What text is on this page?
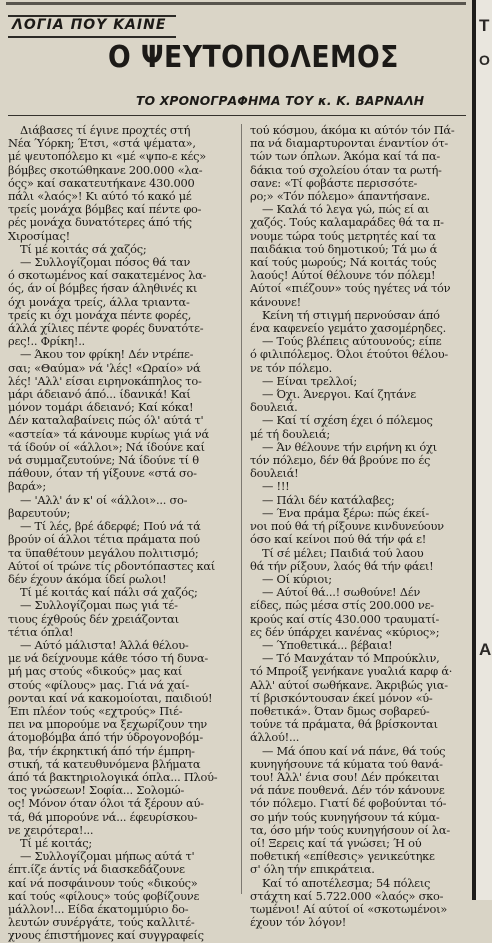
ΛΟΓΙΑ ΠΟΥ ΚΑΙΝΕ
Ο ΨΕΥΤΟΠΟΛΕΜΟΣ
ΤΟ ΧΡΟΝΟΓΡΑΦΗΜΑ ΤΟΥ κ. Κ. ΒΑΡΝΑΛΗ
Διάβασες τί έγινε προχτές στή
Νέα Ύόρκη; Έτσι, «στά ψέματα»,
μέ ψευτοπόλεμο κι «μέ «ψπο-ε κές»
βόμβες σκοτώθηκανε 200.000 «λα-
όςς» καί σακατευτήκανε 430.000
πάλι «λαός»! Κι αύτό τό κακό μέ
τρείς μονάχα βόμβες καί πέντε φο-
ρές μονάχα δυνατότερες άπό τής
Χιροσίμας!
Τί μέ κοιτάς σά χαζός;
— Συλλογίζομαι πόσος θά ταν
ό σκοτωμένος καί σακατεμένος λα-
ός, άν οί βόμβες ήσαν άληθινές κι
όχι μονάχα τρείς, άλλα τριαντα-
τρείς κι όχι μονάχα πέντε φορές,
άλλά χίλιες πέντε φορές δυνατότε-
ρες!.. Φρίκη!..
— Άκου τον φρίκη! Δέν ντρέπε-
σαι; «Θαύμα» νά 'λές! «Ωραίο» νά
λές! 'Αλλ' είσαι ειρηνοκάπηλος το-
μάρι άδειανό άπό... ίδανικά! Καί
μόνον τομάρι άδειανό; Καί κόκα!
Δέν καταλαβαίνεις πώς όλ' αύτά τ'
«αστεία» τά κάνουμε κυρίως γιά νά
τά ίδούν οί «άλλοι»; Νά ίδούνε καί
νά συμμαζευτούνε; Νά ίδούνε τί θ
πάθουν, όταν τή γίξουνε «στά σο-
βαρά»;
— 'Αλλ' άν κ' οί «άλλοι»... σο-
βαρευτούν;
— Τί λές, βρέ άδερφέ; Πού νά τά
βρούν οί άλλοι τέτια πράματα πού
τα ϋπαθέτουν μεγάλου πολιτισμό;
Αύτοί οί τρώνε τίς ρδοντόπαστες καί
δέν έχουν άκόμα ίδεί ρωλοι!
Τί μέ κοιτάς καί πάλι σά χαζός;
— Συλλογίζομαι πως γιά τέ-
τιους έχθρούς δέν χρειάζονται
τέτια όπλα!
— Αύτό μάλιστα! Άλλά θέλου-
με νά δείχνουμε κάθε τόσο τή δυνα-
μή μας στούς «δικούς» μας καί
στούς «φίλους» μας. Γιά νά χαί-
ρονται καί νά κακομοίοται, παιδιού!
Έπι πλέον τούς «εχτρούς» Πιέ-
πει να μπορούμε να ξεχωρίζουν την
άτομοβόμβα άπό τήν ύδρογονοβόμ-
βα, τήν έκρηκτική άπό τήν έμπρη-
στική, τά κατευθυνόμενα βλήματα
άπό τά βακτηριολογικά όπλα... Πλού-
τος γνώσεων! Σοφία... Σολομώ-
ος! Μόνον όταν όλοι τά ξέρουν αύ-
τά, θά μπορούνε νά... έφευρίσκου-
νε χειρότερα!...
Τί μέ κοιτάς;
— Συλλογίζομαι μήπως αύτά τ'
έπτ.ίζε άντίς νά διασκεδάζουνε
καί νά ποσφάινουν τούς «δικούς»
καί τούς «φίλους» τούς φοβίζουνε
μάλλον!... Είδα έκατομμύριο δο-
λευτών συνέργάτε, τούς καλλιτέ-
χνους έπιστήμονες καί συγγραφείς
τού κόσμου, άκόμα κι αύτόν τόν Πά-
πα νά διαμαρτυρονται έναντίον ότ-
τών των όπλων. Άκόμα καί τά πα-
δάκια τού σχολείου όταν τα ρωτή-
σανε: «Τί φοβάστε περισσότε-
ρο;» «Τόν πόλεμο» άπαντήσανε.
— Καλά τό λεγα γώ, πώς εί αι
χαζός. Τούς καλαμαράδες θά τα π-
νουμε τώρα τούς μετρητές καί τα
παιδάκια τού δημοτικού; Τά μω ά
καί τούς μωρούς; Νά κοιτάς τούς
λαούς! Αύτοί θέλουνε τόν πόλεμ!
Αύτοί «πιέζουν» τούς ηγέτες νά τόν
κάνουνε!
Κείνη τή στιγμή περνούσαν άπό
ένα καφενείο γεμάτο χασομέρηδες.
— Τούς βλέπεις αύτουνούς; είπε
ό φιλιπόλεμος. Όλοι έτούτοι θέλου-
νε τόν πόλεμο.
— Είναι τρελλοί;
— Όχι. Άνεργοι. Καί ζητάνε
δουλειά.
— Καί τί σχέση έχει ό πόλεμος
μέ τή δουλειά;
— Άν θέλουνε τήν ειρήνη κι όχι
τόν πόλεμο, δέν θά βρούνε πο ές
δουλειά!
— !!!
— Πάλι δέν κατάλαβες;
— Ένα πράμα ξέρω: πώς έκεί-
νοι πού θά τή ρίξουνε κινδυνεύουν
όσο καί κείνοι πού θά τήν φά ε!
Τί σέ μέλει; Παιδιά τού λαου
θά τήν ρίξουν, λαός θά τήν φάει!
— Οί κύριοι;
— Αύτοί θά...! σωθούνε! Δέν
είδες, πώς μέσα στίς 200.000 νε-
κρούς καί στίς 430.000 τραυματί-
ες δέν ύπάρχει κανένας «κύριος»;
— Ύποθετικά... βέβαια!
— Τό Μανχάταν τό Μπρούκλιν,
τό Μπροίξ γενήκανε γυαλιά καρφ ά·
Αλλ' αύτοί σωθήκανε. Άκριβώς για-
τί βρισκόντουσαν έκεί μόνον «ύ-
ποθετικά». Όταν δμως σοβαρεύ-
τούνε τά πράματα, θά βρίσκονται
άλλού!...
— Μά όπου καί νά πάνε, θά τούς
κυνηγήσουνε τά κύματα τού θανά-
του! Άλλ' ένια σου! Δέν πρόκειται
νά πάνε πουθενά. Δέν τόν κάνουνε
τόν πόλεμο. Γιατί δέ φοβούνται τό-
σο μήν τούς κυνηγήσουν τά κύμα-
τα, όσο μήν τούς κυνηγήσουν οί λα-
οί! Ξερεις καί τά γνώσει; Ή ού
ποθετική «επίθεσις» γενικεύτηκε
σ' όλη τήν επικράτεια.
Καί τό αποτέλεσμα; 54 πόλεις
στάχτη καί 5.722.000 «λαός» σκο-
τωμένοι! Αί αύτοί οί «σκοτωμένοι»
έχουν τόν λόγον!
Τ
Ο
Α
